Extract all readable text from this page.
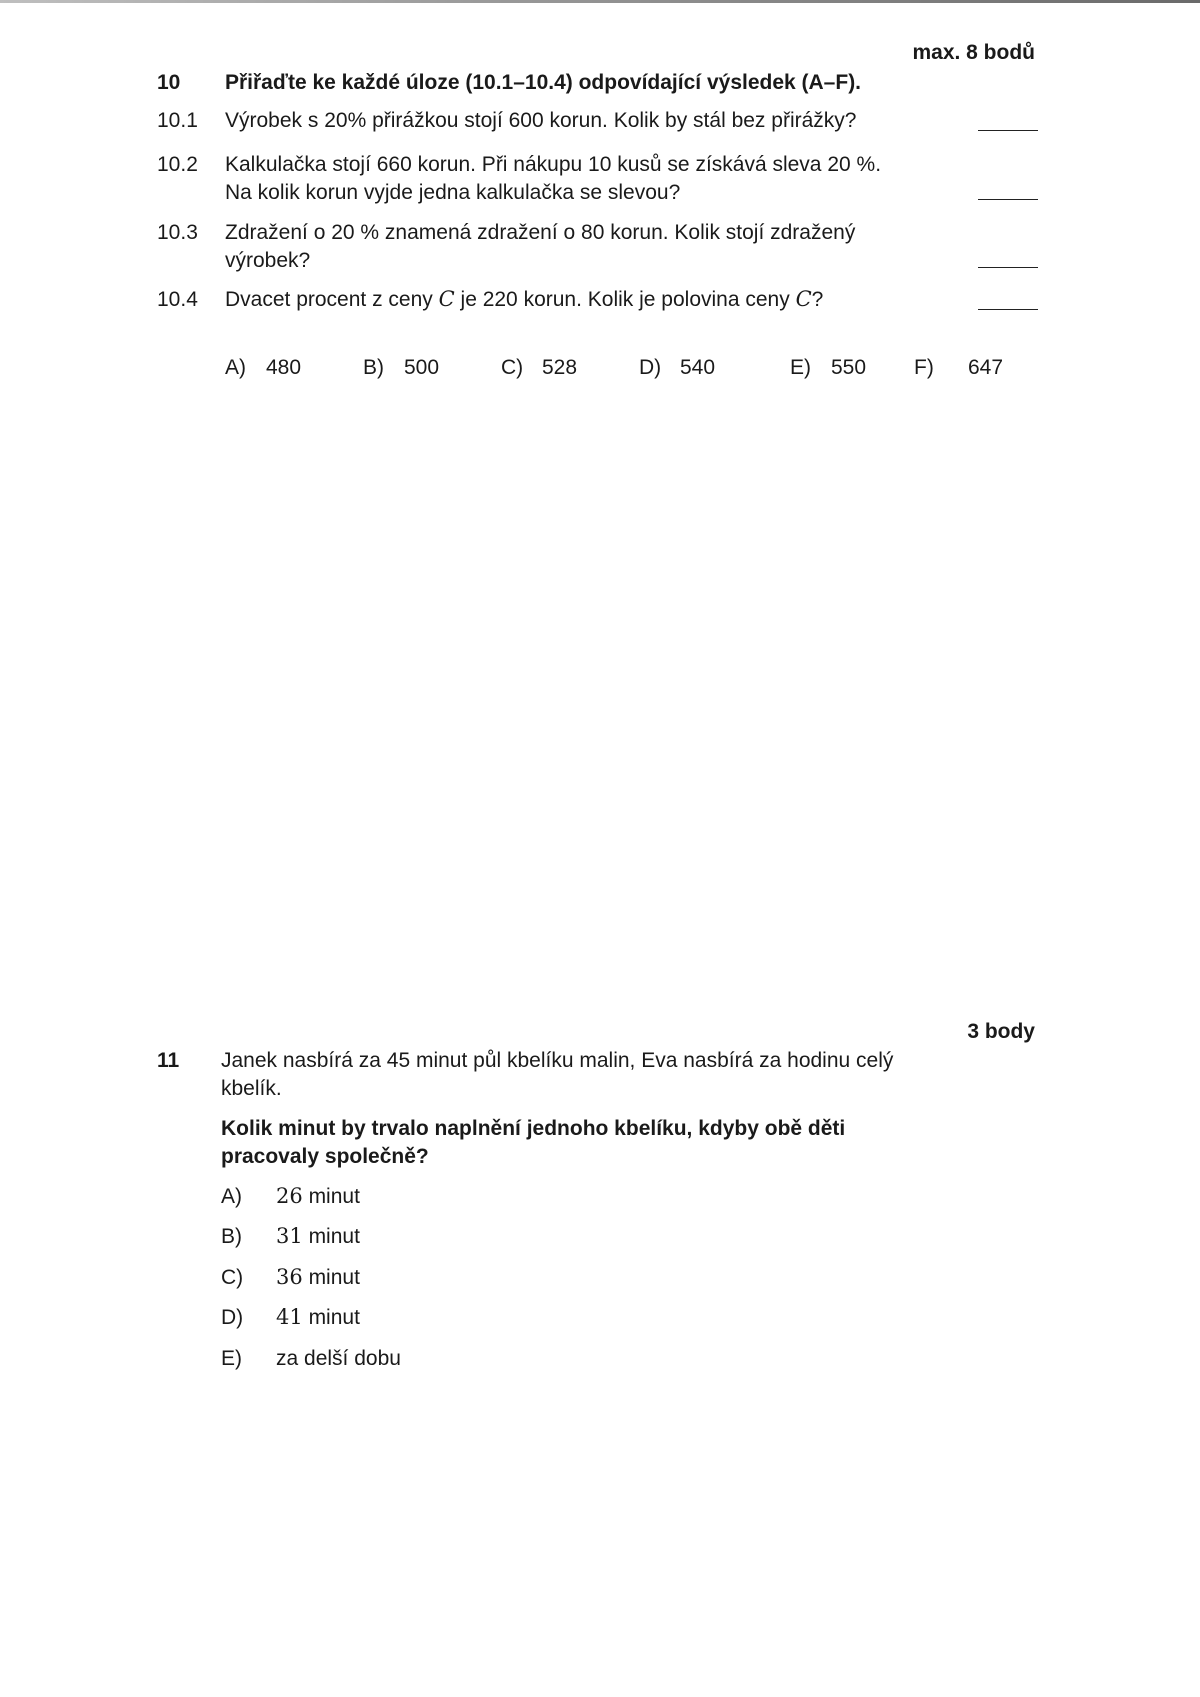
max. 8 bodů
10 Přiřaďte ke každé úloze (10.1–10.4) odpovídající výsledek (A–F).
10.1 Výrobek s 20% přirážkou stojí 600 korun. Kolik by stál bez přirážky?
10.2 Kalkulačka stojí 660 korun. Při nákupu 10 kusů se získává sleva 20 %.
Na kolik korun vyjde jedna kalkulačka se slevou?
10.3 Zdražení o 20 % znamená zdražení o 80 korun. Kolik stojí zdražený
výrobek?
10.4 Dvacet procent z ceny C je 220 korun. Kolik je polovina ceny C?
A) 480	B) 500	C) 528	D) 540	E) 550 F) 647
3 body
11 Janek nasbírá za 45 minut půl kbelíku malin, Eva nasbírá za hodinu celý
kbelík.
Kolik minut by trvalo naplnění jednoho kbelíku, kdyby obě děti
pracovaly společně?
A) 26 minut
B) 31 minut
C) 36 minut
D) 41 minut
E) za delší dobu
